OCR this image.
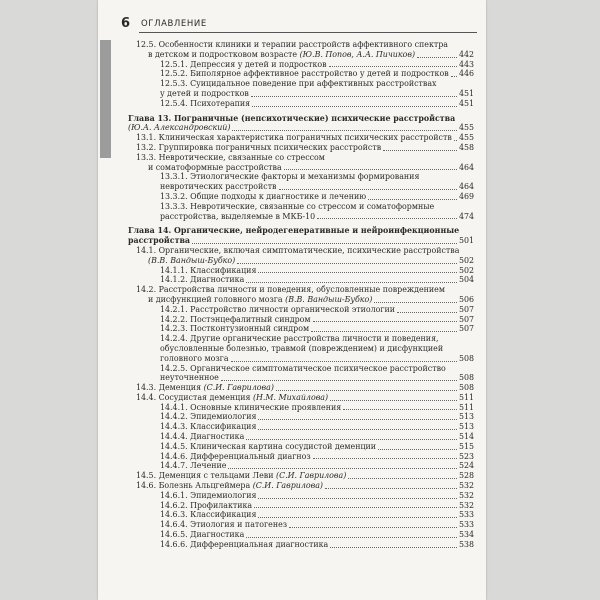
6 ОГЛАВЛЕНИЕ
12.5. Особенности клиники и терапии расстройств аффективного спектра
в детском и подростковом возрасте (Ю.В. Попов, А.А. Пичиков)	442
12.5.1. Депрессия у детей и подростков	443
12.5.2. Биполярное аффективное расстройство у детей и подростков 446
12.5.3. Суицидальное поведение при аффективных расстройствах
у детей и подростков	451
12.5.4. Психотерапия	451
Глава 13. Пограничные (непсихотические) психические расстройства
(Ю.А. Александровский)	455
13.1. Клиническая характеристика пограничных психических расстройств 455
13.2. Группировка пограничных психических расстройств	458
13.3. Невротические, связанные со стрессом
и соматоформные расстройства	464
13.3.1. Этиологические факторы и механизмы формирования
невротических расстройств	464
13.3.2. Общие подходы к диагностике и лечению	469
13.3.3. Невротические, связанные со стрессом и соматоформные
расстройства, выделяемые в МКБ-10	474
Глава 14. Органические, нейродегенеративные и нейроинфекционные
расстройства	501
14.1. Органические, включая симптоматические, психические расстройства
(В.В. Вандыш-Бубко)	502
14.1.1. Классификация	502
14.1.2. Диагностика	504
14.2. Расстройства личности и поведения, обусловленные повреждением
и дисфункцией головного мозга (В.В. Вандыш-Бубко)	506
14.2.1. Расстройство личности органической этиологии	507
14.2.2. Постэнцефалитный синдром	507
14.2.3. Постконтузионный синдром	507
14.2.4. Другие органические расстройства личности и поведения,
обусловленные болезнью, травмой (повреждением) и дисфункцией
головного мозга	508
14.2.5. Органическое симптоматическое психическое расстройство
неуточненное	508
14.3. Деменция (С.И. Гаврилова)	508
14.4. Сосудистая деменция (Н.М. Михайлова)	511
14.4.1. Основные клинические проявления	511
14.4.2. Эпидемиология	513
14.4.3. Классификация	513
14.4.4. Диагностика	514
14.4.5. Клиническая картина сосудистой деменции	515
14.4.6. Дифференциальный диагноз	523
14.4.7. Лечение	524
14.5. Деменция с тельцами Леви (С.И. Гаврилова)	528
14.6. Болезнь Альцгеймера (С.И. Гаврилова)	532
14.6.1. Эпидемиология	532
14.6.2. Профилактика	532
14.6.3. Классификация	533
14.6.4. Этиология и патогенез	533
14.6.5. Диагностика	534
14.6.6. Дифференциальная диагностика	538
